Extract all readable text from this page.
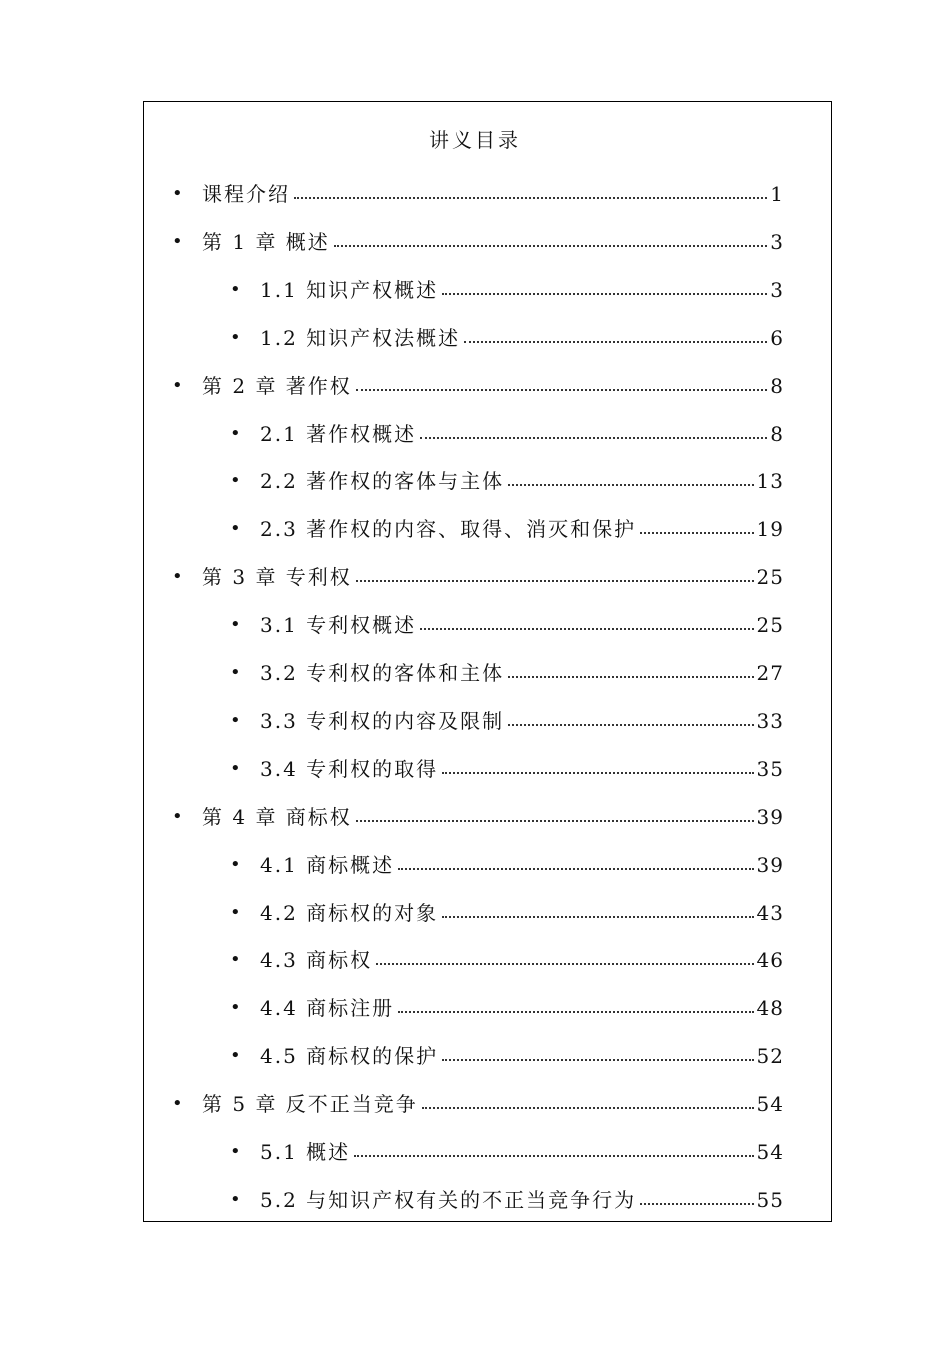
讲义目录
• 课程介绍	1
• 第 1 章 概述	3
• 1.1 知识产权概述	3
• 1.2 知识产权法概述	6
• 第 2 章 著作权	8
• 2.1 著作权概述	8
• 2.2 著作权的客体与主体	13
• 2.3 著作权的内容、取得、消灭和保护	19
• 第 3 章 专利权	25
• 3.1 专利权概述	25
• 3.2 专利权的客体和主体	27
• 3.3 专利权的内容及限制	33
• 3.4 专利权的取得	35
• 第 4 章 商标权	39
• 4.1 商标概述	39
• 4.2 商标权的对象	43
• 4.3 商标权	46
• 4.4 商标注册	48
• 4.5 商标权的保护	52
• 第 5 章 反不正当竞争	54
• 5.1 概述	54
• 5.2 与知识产权有关的不正当竞争行为	55
